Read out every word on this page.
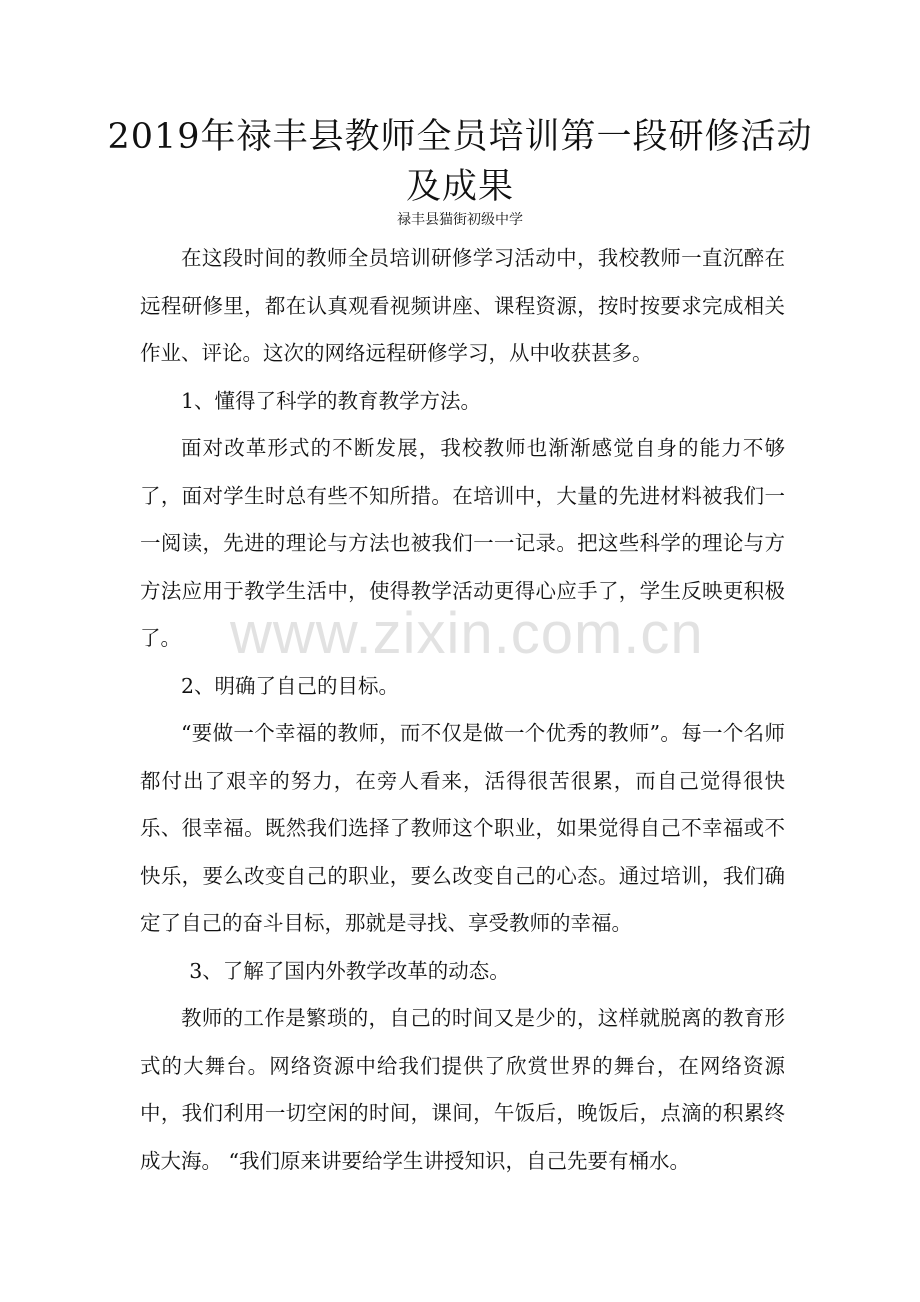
2019年禄丰县教师全员培训第一段研修活动及成果
禄丰县猫街初级中学

在这段时间的教师全员培训研修学习活动中，我校教师一直沉醉在远程研修里，都在认真观看视频讲座、课程资源，按时按要求完成相关作业、评论。这次的网络远程研修学习，从中收获甚多。

1、懂得了科学的教育教学方法。

面对改革形式的不断发展，我校教师也渐渐感觉自身的能力不够了，面对学生时总有些不知所措。在培训中，大量的先进材料被我们一一阅读，先进的理论与方法也被我们一一记录。把这些科学的理论与方方法应用于教学生活中，使得教学活动更得心应手了，学生反映更积极了。

2、明确了自己的目标。

“要做一个幸福的教师，而不仅是做一个优秀的教师”。每一个名师都付出了艰辛的努力，在旁人看来，活得很苦很累，而自己觉得很快乐、很幸福。既然我们选择了教师这个职业，如果觉得自己不幸福或不快乐，要么改变自己的职业，要么改变自己的心态。通过培训，我们确定了自己的奋斗目标，那就是寻找、享受教师的幸福。

3、了解了国内外教学改革的动态。

教师的工作是繁琐的，自己的时间又是少的，这样就脱离的教育形式的大舞台。网络资源中给我们提供了欣赏世界的舞台，在网络资源中，我们利用一切空闲的时间，课间，午饭后，晚饭后，点滴的积累终成大海。 “我们原来讲要给学生讲授知识，自己先要有桶水。

www.zixin.com.cn
